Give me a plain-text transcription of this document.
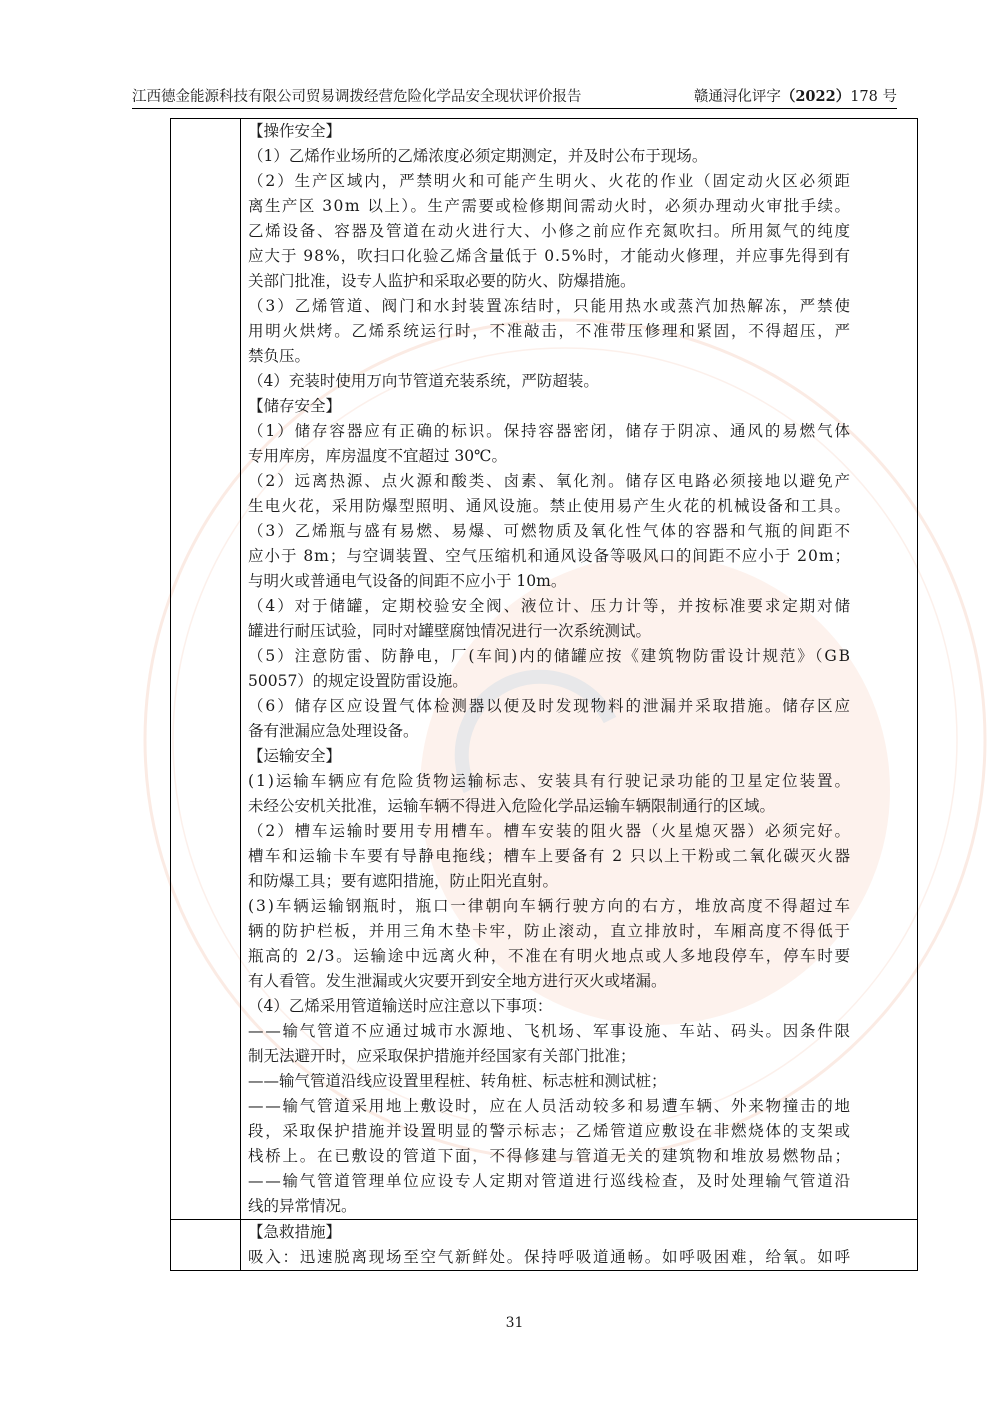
江西德金能源科技有限公司贸易调拨经营危险化学品安全现状评价报告	赣通浔化评字（2022）178 号
【操作安全】
（1）乙烯作业场所的乙烯浓度必须定期测定，并及时公布于现场。
（2）生产区域内，严禁明火和可能产生明火、火花的作业（固定动火区必须距
离生产区 30m 以上）。生产需要或检修期间需动火时，必须办理动火审批手续。
乙烯设备、容器及管道在动火进行大、小修之前应作充氮吹扫。所用氮气的纯度
应大于 98%，吹扫口化验乙烯含量低于 0.5%时，才能动火修理，并应事先得到有
关部门批准，设专人监护和采取必要的防火、防爆措施。
（3）乙烯管道、阀门和水封装置冻结时，只能用热水或蒸汽加热解冻，严禁使
用明火烘烤。乙烯系统运行时，不准敲击，不准带压修理和紧固，不得超压，严
禁负压。
（4）充装时使用万向节管道充装系统，严防超装。
【储存安全】
（1）储存容器应有正确的标识。保持容器密闭，储存于阴凉、通风的易燃气体
专用库房，库房温度不宜超过 30℃。
（2）远离热源、点火源和酸类、卤素、氧化剂。储存区电路必须接地以避免产
生电火花，采用防爆型照明、通风设施。禁止使用易产生火花的机械设备和工具。
（3）乙烯瓶与盛有易燃、易爆、可燃物质及氧化性气体的容器和气瓶的间距不
应小于 8m；与空调装置、空气压缩机和通风设备等吸风口的间距不应小于 20m；
与明火或普通电气设备的间距不应小于 10m。
（4）对于储罐，定期校验安全阀、液位计、压力计等，并按标准要求定期对储
罐进行耐压试验，同时对罐壁腐蚀情况进行一次系统测试。
（5）注意防雷、防静电，厂(车间)内的储罐应按《建筑物防雷设计规范》（GB
50057）的规定设置防雷设施。
（6）储存区应设置气体检测器以便及时发现物料的泄漏并采取措施。储存区应
备有泄漏应急处理设备。
【运输安全】
(1)运输车辆应有危险货物运输标志、安装具有行驶记录功能的卫星定位装置。
未经公安机关批准，运输车辆不得进入危险化学品运输车辆限制通行的区域。
（2）槽车运输时要用专用槽车。槽车安装的阻火器（火星熄灭器）必须完好。
槽车和运输卡车要有导静电拖线；槽车上要备有 2 只以上干粉或二氧化碳灭火器
和防爆工具；要有遮阳措施，防止阳光直射。
(3)车辆运输钢瓶时，瓶口一律朝向车辆行驶方向的右方，堆放高度不得超过车
辆的防护栏板，并用三角木垫卡牢，防止滚动，直立排放时，车厢高度不得低于
瓶高的 2/3。运输途中远离火种，不准在有明火地点或人多地段停车，停车时要
有人看管。发生泄漏或火灾要开到安全地方进行灭火或堵漏。
（4）乙烯采用管道输送时应注意以下事项：
——输气管道不应通过城市水源地、飞机场、军事设施、车站、码头。因条件限
制无法避开时，应采取保护措施并经国家有关部门批准；
——输气管道沿线应设置里程桩、转角桩、标志桩和测试桩；
——输气管道采用地上敷设时，应在人员活动较多和易遭车辆、外来物撞击的地
段，采取保护措施并设置明显的警示标志；乙烯管道应敷设在非燃烧体的支架或
栈桥上。在已敷设的管道下面，不得修建与管道无关的建筑物和堆放易燃物品；
——输气管道管理单位应设专人定期对管道进行巡线检查，及时处理输气管道沿
线的异常情况。
【急救措施】
吸入：迅速脱离现场至空气新鲜处。保持呼吸道通畅。如呼吸困难，给氧。如呼
31
